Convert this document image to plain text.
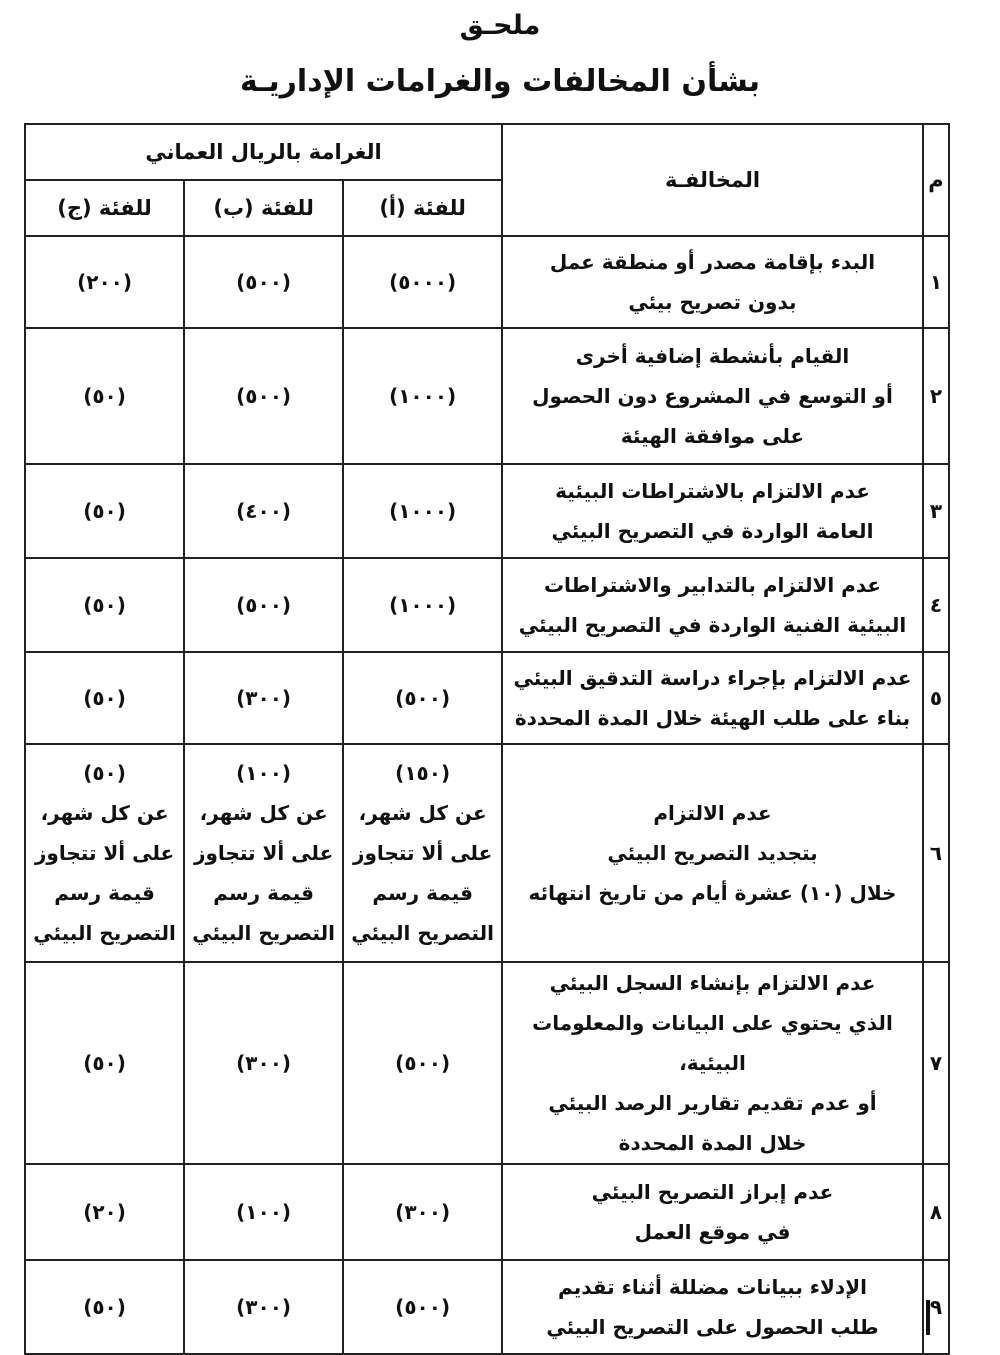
ملحـق
بشأن المخالفات والغرامات الإداريـة
م	المخالفـة	الغرامة بالريال العماني		
		للفئة (أ)	للفئة (ب)	للفئة (ج)
١	البدء بإقامة مصدر أو منطقة عمل
بدون تصريح بيئي	(٥٠٠٠)	(٥٠٠)	(٢٠٠)
٢	القيام بأنشطة إضافية أخرى
أو التوسع في المشروع دون الحصول
على موافقة الهيئة	(١٠٠٠)	(٥٠٠)	(٥٠)
٣	عدم الالتزام بالاشتراطات البيئية
العامة الواردة في التصريح البيئي	(١٠٠٠)	(٤٠٠)	(٥٠)
٤	عدم الالتزام بالتدابير والاشتراطات
البيئية الفنية الواردة في التصريح البيئي	(١٠٠٠)	(٥٠٠)	(٥٠)
٥	عدم الالتزام بإجراء دراسة التدقيق البيئي
بناء على طلب الهيئة خلال المدة المحددة	(٥٠٠)	(٣٠٠)	(٥٠)
٦	عدم الالتزام
بتجديد التصريح البيئي
خلال (١٠) عشرة أيام من تاريخ انتهائه	(١٥٠)
عن كل شهر،
على ألا تتجاوز
قيمة رسم
التصريح البيئي	(١٠٠)
عن كل شهر،
على ألا تتجاوز
قيمة رسم
التصريح البيئي	(٥٠)
عن كل شهر،
على ألا تتجاوز
قيمة رسم
التصريح البيئي
٧	عدم الالتزام بإنشاء السجل البيئي
الذي يحتوي على البيانات والمعلومات البيئية،
أو عدم تقديم تقارير الرصد البيئي
خلال المدة المحددة	(٥٠٠)	(٣٠٠)	(٥٠)
٨	عدم إبراز التصريح البيئي
في موقع العمل	(٣٠٠)	(١٠٠)	(٢٠)
٩	الإدلاء ببيانات مضللة أثناء تقديم
طلب الحصول على التصريح البيئي	(٥٠٠)	(٣٠٠)	(٥٠)
